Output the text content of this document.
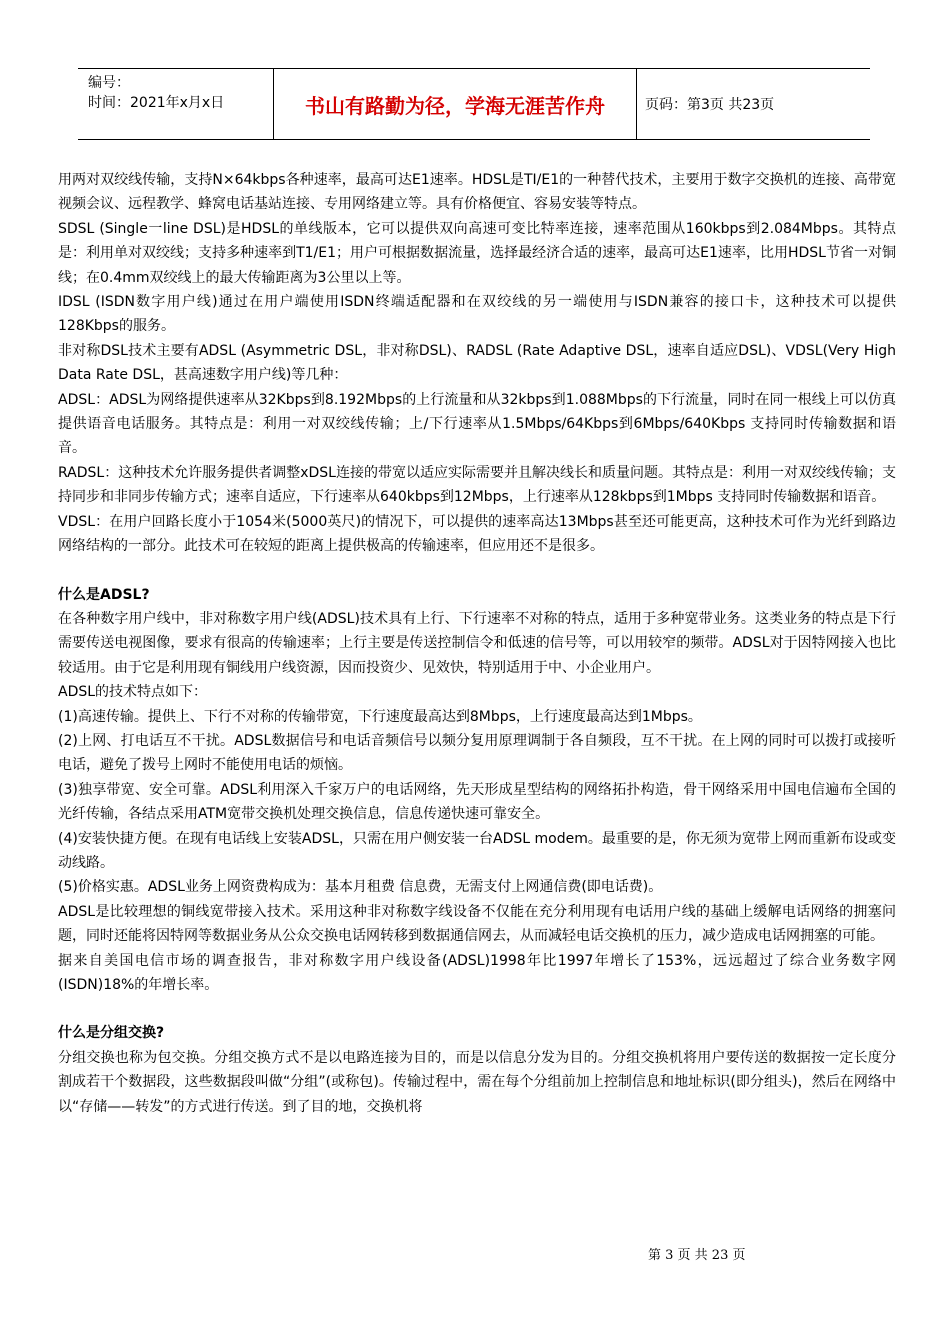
编号：
时间：2021年x月x日	书山有路勤为径，学海无涯苦作舟	页码：第3页 共23页

用两对双绞线传输，支持N×64kbps各种速率，最高可达E1速率。HDSL是TI/E1的一种替代技术，主要用于数字交换机的连接、高带宽视频会议、远程教学、蜂窝电话基站连接、专用网络建立等。具有价格便宜、容易安装等特点。

SDSL (Single一line DSL)是HDSL的单线版本，它可以提供双向高速可变比特率连接，速率范围从160kbps到2.084Mbps。其特点是：利用单对双绞线；支持多种速率到T1/E1；用户可根据数据流量，选择最经济合适的速率，最高可达E1速率，比用HDSL节省一对铜线；在0.4mm双绞线上的最大传输距离为3公里以上等。

IDSL (ISDN数字用户线)通过在用户端使用ISDN终端适配器和在双绞线的另一端使用与ISDN兼容的接口卡，这种技术可以提供128Kbps的服务。

非对称DSL技术主要有ADSL (Asymmetric DSL，非对称DSL)、RADSL (Rate Adaptive DSL，速率自适应DSL)、VDSL(Very High Data Rate DSL，甚高速数字用户线)等几种：

ADSL：ADSL为网络提供速率从32Kbps到8.192Mbps的上行流量和从32kbps到1.088Mbps的下行流量，同时在同一根线上可以仿真提供语音电话服务。其特点是：利用一对双绞线传输；上/下行速率从1.5Mbps/64Kbps到6Mbps/640Kbps 支持同时传输数据和语音。

RADSL：这种技术允许服务提供者调整xDSL连接的带宽以适应实际需要并且解决线长和质量问题。其特点是：利用一对双绞线传输；支持同步和非同步传输方式；速率自适应，下行速率从640kbps到12Mbps，上行速率从128kbps到1Mbps 支持同时传输数据和语音。

VDSL：在用户回路长度小于1054米(5000英尺)的情况下，可以提供的速率高达13Mbps甚至还可能更高，这种技术可作为光纤到路边网络结构的一部分。此技术可在较短的距离上提供极高的传输速率，但应用还不是很多。

什么是ADSL?

在各种数字用户线中，非对称数字用户线(ADSL)技术具有上行、下行速率不对称的特点，适用于多种宽带业务。这类业务的特点是下行需要传送电视图像，要求有很高的传输速率；上行主要是传送控制信令和低速的信号等，可以用较窄的频带。ADSL对于因特网接入也比较适用。由于它是利用现有铜线用户线资源，因而投资少、见效快，特别适用于中、小企业用户。

ADSL的技术特点如下：

(1)高速传输。提供上、下行不对称的传输带宽，下行速度最高达到8Mbps，上行速度最高达到1Mbps。

(2)上网、打电话互不干扰。ADSL数据信号和电话音频信号以频分复用原理调制于各自频段，互不干扰。在上网的同时可以拨打或接听电话，避免了拨号上网时不能使用电话的烦恼。

(3)独享带宽、安全可靠。ADSL利用深入千家万户的电话网络，先天形成星型结构的网络拓扑构造，骨干网络采用中国电信遍布全国的光纤传输，各结点采用ATM宽带交换机处理交换信息，信息传递快速可靠安全。

(4)安装快捷方便。在现有电话线上安装ADSL，只需在用户侧安装一台ADSL modem。最重要的是，你无须为宽带上网而重新布设或变动线路。

(5)价格实惠。ADSL业务上网资费构成为：基本月租费 信息费，无需支付上网通信费(即电话费)。

ADSL是比较理想的铜线宽带接入技术。采用这种非对称数字线设备不仅能在充分利用现有电话用户线的基础上缓解电话网络的拥塞问题，同时还能将因特网等数据业务从公众交换电话网转移到数据通信网去，从而减轻电话交换机的压力，减少造成电话网拥塞的可能。

据来自美国电信市场的调查报告，非对称数字用户线设备(ADSL)1998年比1997年增长了153%，远远超过了综合业务数字网(ISDN)18%的年增长率。

什么是分组交换?

分组交换也称为包交换。分组交换方式不是以电路连接为目的，而是以信息分发为目的。分组交换机将用户要传送的数据按一定长度分割成若干个数据段，这些数据段叫做“分组”(或称包)。传输过程中，需在每个分组前加上控制信息和地址标识(即分组头)，然后在网络中以“存储——转发”的方式进行传送。到了目的地，交换机将

第 3 页 共 23 页
